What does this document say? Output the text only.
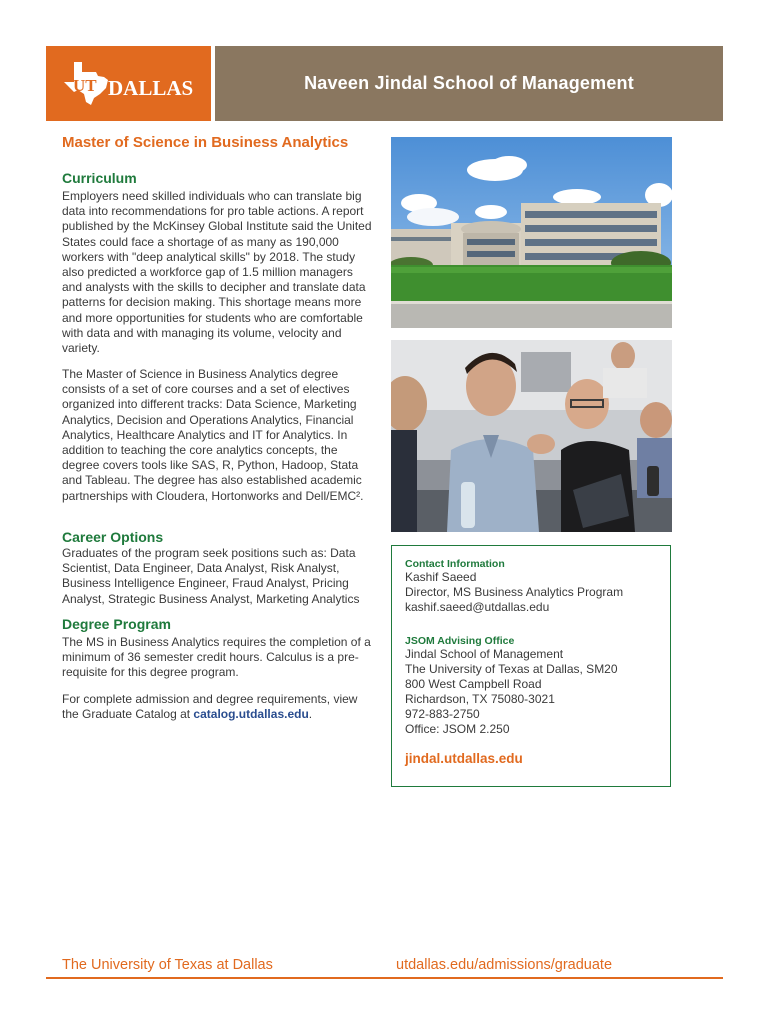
UT DALLAS	Naveen Jindal School of Management
Master of Science in Business Analytics
Curriculum

Employers need skilled individuals who can translate big data into recommendations for pro table actions. A report published by the McKinsey Global Institute said the United States could face a shortage of as many as 190,000 workers with "deep analytical skills" by 2018. The study also predicted a workforce gap of 1.5 million managers and analysts with the skills to decipher and translate data patterns for decision making. This shortage means more and more opportunities for students who are comfortable with data and with managing its volume, velocity and variety.

The Master of Science in Business Analytics degree consists of a set of core courses and a set of electives organized into different tracks: Data Science, Marketing Analytics, Decision and Operations Analytics, Financial Analytics, Healthcare Analytics and IT for Analytics. In addition to teaching the core analytics concepts, the degree covers tools like SAS, R, Python, Hadoop, Stata and Tableau. The degree has also established academic partnerships with Cloudera, Hortonworks and Dell/EMC².

Career Options

Graduates of the program seek positions such as: Data Scientist, Data Engineer, Data Analyst, Risk Analyst, Business Intelligence Engineer, Fraud Analyst, Pricing Analyst, Strategic Business Analyst, Marketing Analytics

Degree Program

The MS in Business Analytics requires the completion of a minimum of 36 semester credit hours. Calculus is a pre-requisite for this degree program.

For complete admission and degree requirements, view the Graduate Catalog at catalog.utdallas.edu.

Contact Information
Kashif Saeed
Director, MS Business Analytics Program
kashif.saeed@utdallas.edu
JSOM Advising Office
Jindal School of Management
The University of Texas at Dallas, SM20
800 West Campbell Road
Richardson, TX 75080-3021
972-883-2750
Office: JSOM 2.250
jindal.utdallas.edu
The University of Texas at Dallas	utdallas.edu/admissions/graduate
